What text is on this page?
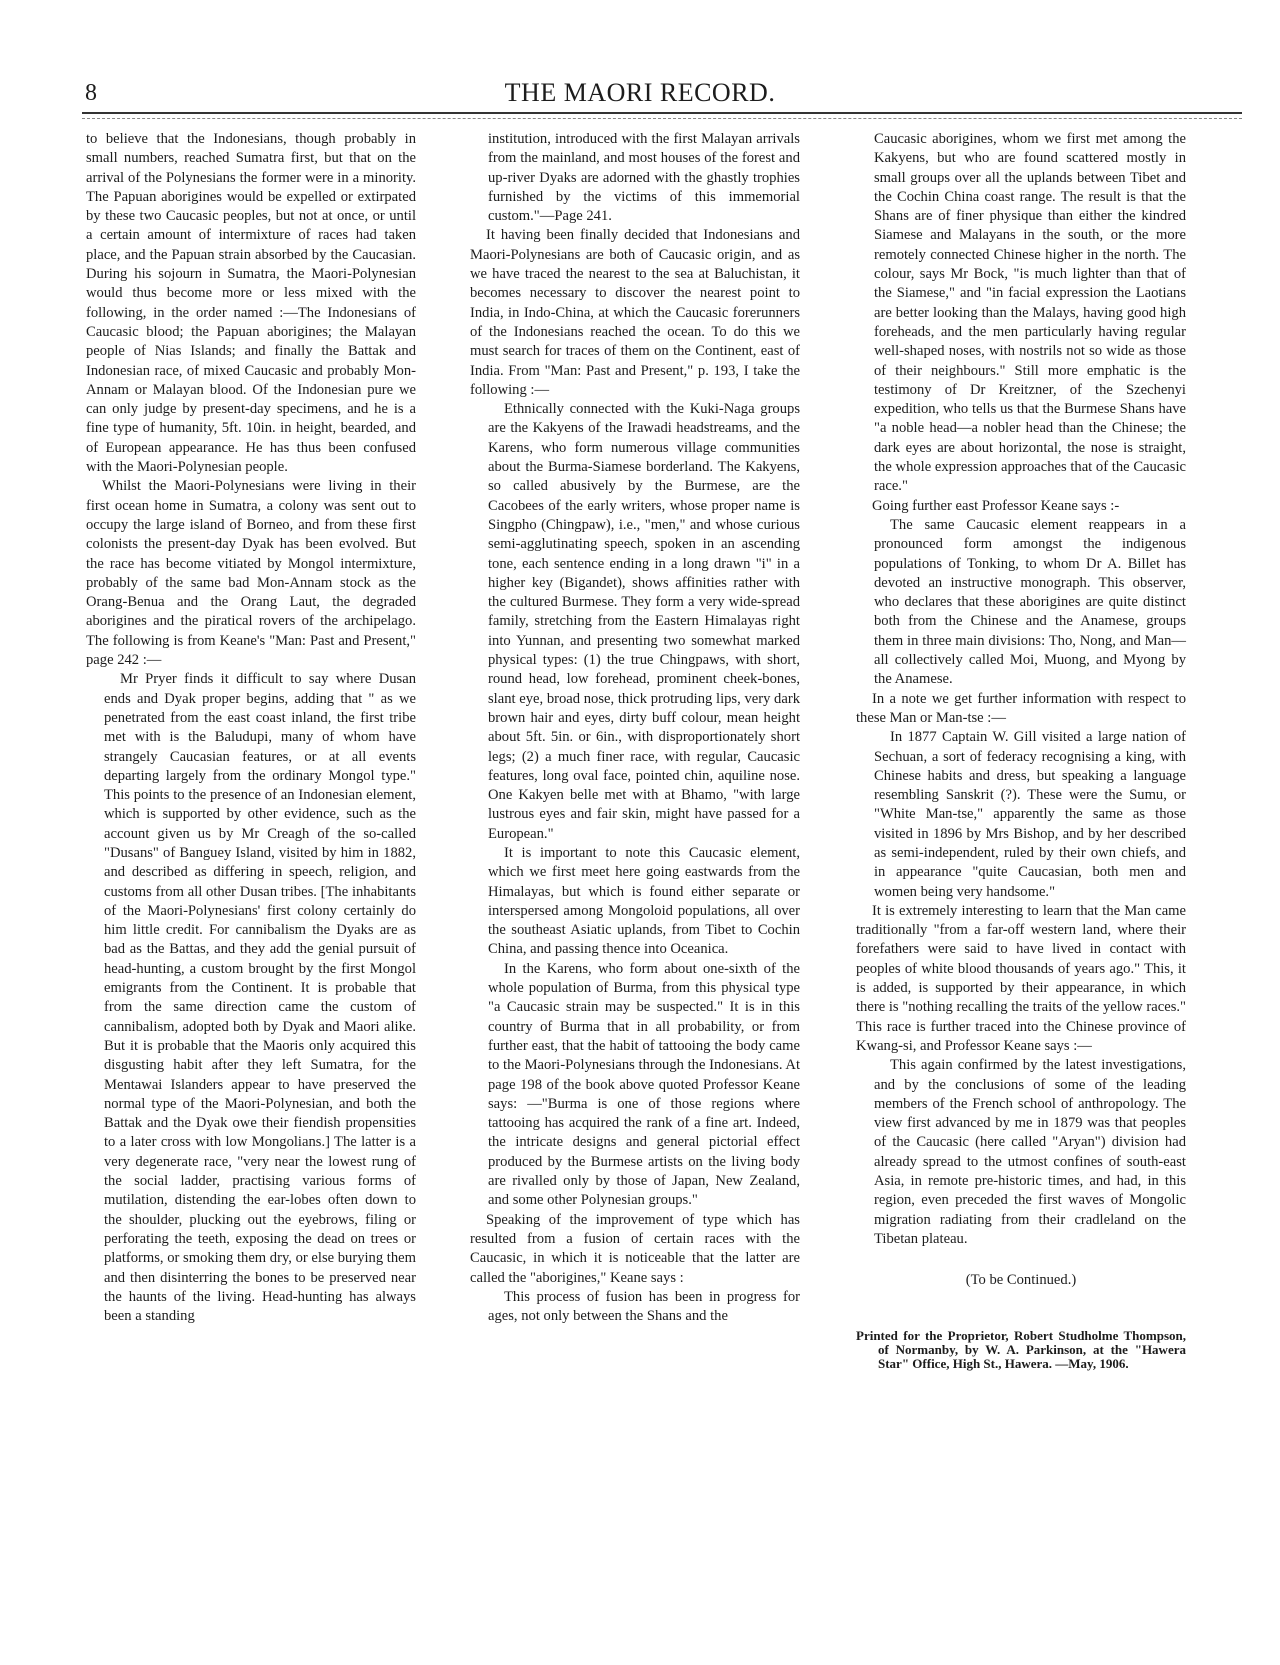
8	THE MAORI RECORD.

to believe that the Indonesians, though probably in small numbers, reached Sumatra first, but that on the arrival of the Polynesians the former were in a minority. The Papuan aborigines would be expelled or extirpated by these two Caucasic peoples, but not at once, or until a certain amount of intermixture of races had taken place, and the Papuan strain absorbed by the Caucasian. During his sojourn in Sumatra, the Maori-Polynesian would thus become more or less mixed with the following, in the order named :—The Indonesians of Caucasic blood; the Papuan aborigines; the Malayan people of Nias Islands; and finally the Battak and Indonesian race, of mixed Caucasic and probably Mon-Annam or Malayan blood. Of the Indonesian pure we can only judge by present-day specimens, and he is a fine type of humanity, 5ft. 10in. in height, bearded, and of European appearance. He has thus been confused with the Maori-Polynesian people.

Whilst the Maori-Polynesians were living in their first ocean home in Sumatra, a colony was sent out to occupy the large island of Borneo, and from these first colonists the present-day Dyak has been evolved. But the race has become vitiated by Mongol intermixture, probably of the same bad Mon-Annam stock as the Orang-Benua and the Orang Laut, the degraded aborigines and the piratical rovers of the archipelago. The following is from Keane's "Man: Past and Present," page 242 :—

Mr Pryer finds it difficult to say where Dusan ends and Dyak proper begins, adding that " as we penetrated from the east coast inland, the first tribe met with is the Baludupi, many of whom have strangely Caucasian features, or at all events departing largely from the ordinary Mongol type." This points to the presence of an Indonesian element, which is supported by other evidence, such as the account given us by Mr Creagh of the so-called "Dusans" of Banguey Island, visited by him in 1882, and described as differing in speech, religion, and customs from all other Dusan tribes. [The inhabitants of the Maori-Polynesians' first colony certainly do him little credit. For cannibalism the Dyaks are as bad as the Battas, and they add the genial pursuit of head-hunting, a custom brought by the first Mongol emigrants from the Continent. It is probable that from the same direction came the custom of cannibalism, adopted both by Dyak and Maori alike. But it is probable that the Maoris only acquired this disgusting habit after they left Sumatra, for the Mentawai Islanders appear to have preserved the normal type of the Maori-Polynesian, and both the Battak and the Dyak owe their fiendish propensities to a later cross with low Mongolians.] The latter is a very degenerate race, "very near the lowest rung of the social ladder, practising various forms of mutilation, distending the ear-lobes often down to the shoulder, plucking out the eyebrows, filing or perforating the teeth, exposing the dead on trees or platforms, or smoking them dry, or else burying them and then disinterring the bones to be preserved near the haunts of the living. Head-hunting has always been a standing

institution, introduced with the first Malayan arrivals from the mainland, and most houses of the forest and up-river Dyaks are adorned with the ghastly trophies furnished by the victims of this immemorial custom."—Page 241.

It having been finally decided that Indonesians and Maori-Polynesians are both of Caucasic origin, and as we have traced the nearest to the sea at Baluchistan, it becomes necessary to discover the nearest point to India, in Indo-China, at which the Caucasic forerunners of the Indonesians reached the ocean. To do this we must search for traces of them on the Continent, east of India. From "Man: Past and Present," p. 193, I take the following :—

Ethnically connected with the Kuki-Naga groups are the Kakyens of the Irawadi headstreams, and the Karens, who form numerous village communities about the Burma-Siamese borderland. The Kakyens, so called abusively by the Burmese, are the Cacobees of the early writers, whose proper name is Singpho (Chingpaw), i.e., "men," and whose curious semi-agglutinating speech, spoken in an ascending tone, each sentence ending in a long drawn "i" in a higher key (Bigandet), shows affinities rather with the cultured Burmese. They form a very wide-spread family, stretching from the Eastern Himalayas right into Yunnan, and presenting two somewhat marked physical types: (1) the true Chingpaws, with short, round head, low forehead, prominent cheek-bones, slant eye, broad nose, thick protruding lips, very dark brown hair and eyes, dirty buff colour, mean height about 5ft. 5in. or 6in., with disproportionately short legs; (2) a much finer race, with regular, Caucasic features, long oval face, pointed chin, aquiline nose. One Kakyen belle met with at Bhamo, "with large lustrous eyes and fair skin, might have passed for a European."

It is important to note this Caucasic element, which we first meet here going eastwards from the Himalayas, but which is found either separate or interspersed among Mongoloid populations, all over the southeast Asiatic uplands, from Tibet to Cochin China, and passing thence into Oceanica.

In the Karens, who form about one-sixth of the whole population of Burma, from this physical type "a Caucasic strain may be suspected." It is in this country of Burma that in all probability, or from further east, that the habit of tattooing the body came to the Maori-Polynesians through the Indonesians. At page 198 of the book above quoted Professor Keane says: —"Burma is one of those regions where tattooing has acquired the rank of a fine art. Indeed, the intricate designs and general pictorial effect produced by the Burmese artists on the living body are rivalled only by those of Japan, New Zealand, and some other Polynesian groups."

Speaking of the improvement of type which has resulted from a fusion of certain races with the Caucasic, in which it is noticeable that the latter are called the "aborigines," Keane says :

This process of fusion has been in progress for ages, not only between the Shans and the

Caucasic aborigines, whom we first met among the Kakyens, but who are found scattered mostly in small groups over all the uplands between Tibet and the Cochin China coast range. The result is that the Shans are of finer physique than either the kindred Siamese and Malayans in the south, or the more remotely connected Chinese higher in the north. The colour, says Mr Bock, "is much lighter than that of the Siamese," and "in facial expression the Laotians are better looking than the Malays, having good high foreheads, and the men particularly having regular well-shaped noses, with nostrils not so wide as those of their neighbours." Still more emphatic is the testimony of Dr Kreitzner, of the Szechenyi expedition, who tells us that the Burmese Shans have "a noble head—a nobler head than the Chinese; the dark eyes are about horizontal, the nose is straight, the whole expression approaches that of the Caucasic race."

Going further east Professor Keane says :-

The same Caucasic element reappears in a pronounced form amongst the indigenous populations of Tonking, to whom Dr A. Billet has devoted an instructive monograph. This observer, who declares that these aborigines are quite distinct both from the Chinese and the Anamese, groups them in three main divisions: Tho, Nong, and Man—all collectively called Moi, Muong, and Myong by the Anamese.

In a note we get further information with respect to these Man or Man-tse :—

In 1877 Captain W. Gill visited a large nation of Sechuan, a sort of federacy recognising a king, with Chinese habits and dress, but speaking a language resembling Sanskrit (?). These were the Sumu, or "White Man-tse," apparently the same as those visited in 1896 by Mrs Bishop, and by her described as semi-independent, ruled by their own chiefs, and in appearance "quite Caucasian, both men and women being very handsome."

It is extremely interesting to learn that the Man came traditionally "from a far-off western land, where their forefathers were said to have lived in contact with peoples of white blood thousands of years ago." This, it is added, is supported by their appearance, in which there is "nothing recalling the traits of the yellow races." This race is further traced into the Chinese province of Kwang-si, and Professor Keane says :—

This again confirmed by the latest investigations, and by the conclusions of some of the leading members of the French school of anthropology. The view first advanced by me in 1879 was that peoples of the Caucasic (here called "Aryan") division had already spread to the utmost confines of south-east Asia, in remote pre-historic times, and had, in this region, even preceded the first waves of Mongolic migration radiating from their cradleland on the Tibetan plateau.

(To be Continued.)

Printed for the Proprietor, Robert Studholme Thompson, of Normanby, by W. A. Parkinson, at the "Hawera Star" Office, High St., Hawera. —May, 1906.
